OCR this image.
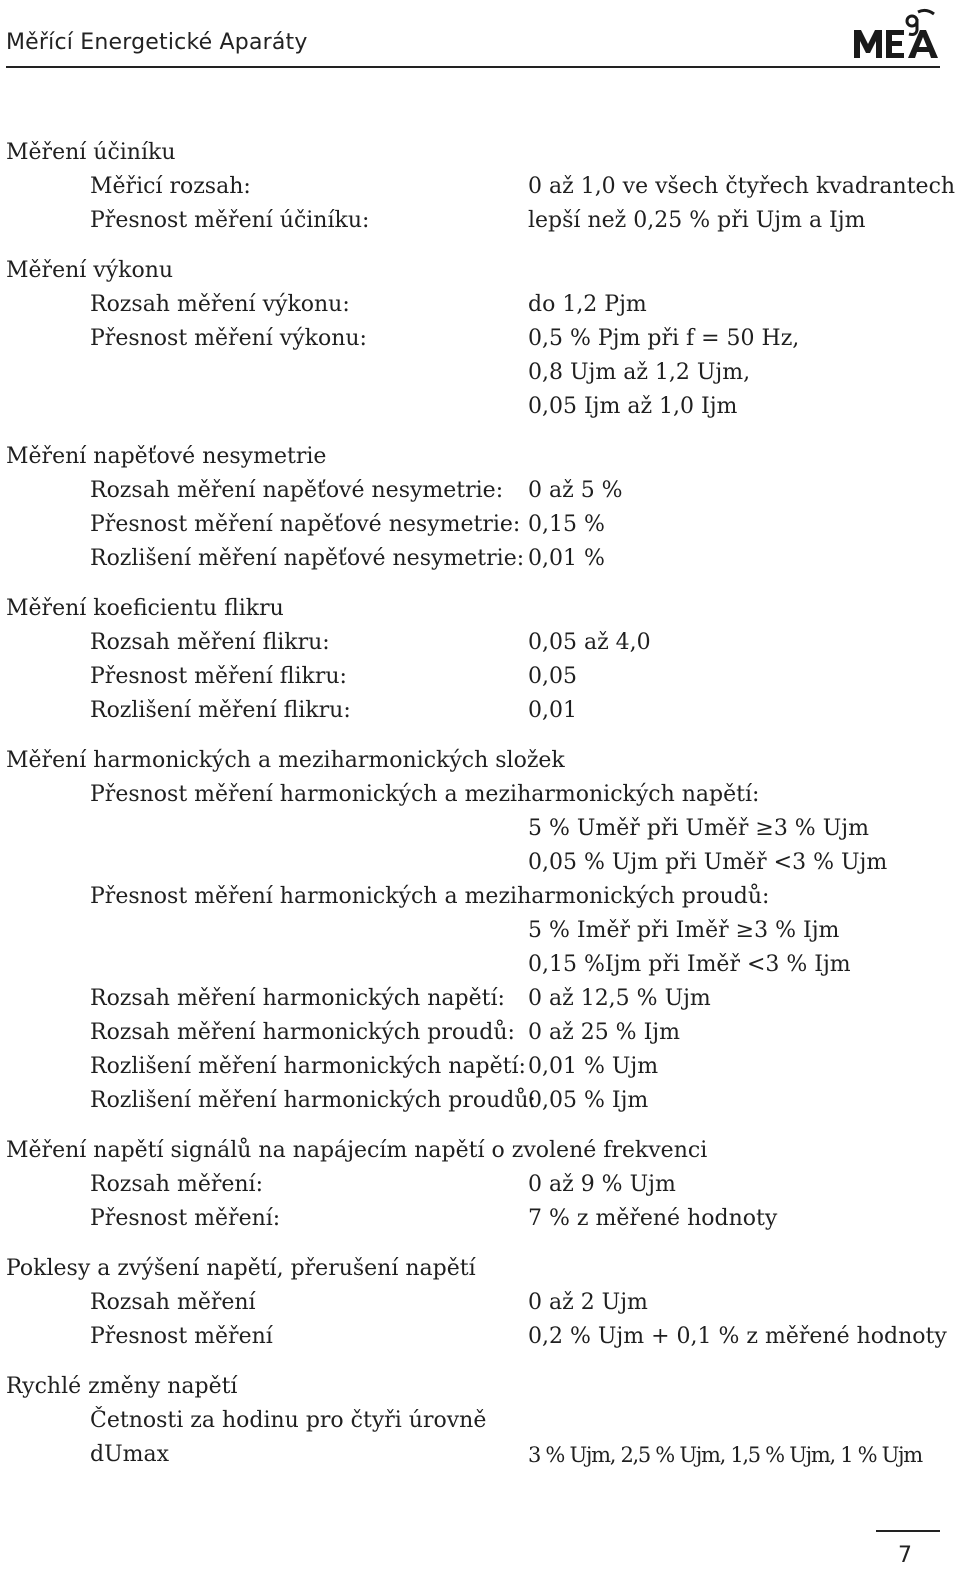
Měřící Energetické Aparáty
Měření účiníku
Měřicí rozsah:	0 až 1,0 ve všech čtyřech kvadrantech
Přesnost měření účiníku:	lepší než 0,25 % při Ujm a Ijm
Měření výkonu
Rozsah měření výkonu:	do 1,2 Pjm
Přesnost měření výkonu:	0,5 % Pjm při f = 50 Hz,
0,8 Ujm až 1,2 Ujm,
0,05 Ijm až 1,0 Ijm
Měření napěťové nesymetrie
Rozsah měření napěťové nesymetrie: 0 až 5 %
Přesnost měření napěťové nesymetrie: 0,15 %
Rozlišení měření napěťové nesymetrie: 0,01 %
Měření koeficientu flikru
Rozsah měření flikru:	0,05 až 4,0
Přesnost měření flikru:	0,05
Rozlišení měření flikru:	0,01
Měření harmonických a meziharmonických složek
Přesnost měření harmonických a meziharmonických napětí:
5 % Uměř při Uměř ≥3 % Ujm
0,05 % Ujm při Uměř <3 % Ujm
Přesnost měření harmonických a meziharmonických proudů:
5 % Iměř při Iměř ≥3 % Ijm
0,15 %Ijm při Iměř <3 % Ijm
Rozsah měření harmonických napětí: 0 až 12,5 % Ujm
Rozsah měření harmonických proudů: 0 až 25 % Ijm
Rozlišení měření harmonických napětí: 0,01 % Ujm
Rozlišení měření harmonických proudů:
0,05 % Ijm
Měření napětí signálů na napájecím napětí o zvolené frekvenci
Rozsah měření:	0 až 9 % Ujm
Přesnost měření:	7 % z měřené hodnoty
Poklesy a zvýšení napětí, přerušení napětí
Rozsah měření	0 až 2 Ujm
Přesnost měření	0,2 % Ujm + 0,1 % z měřené hodnoty
Rychlé změny napětí
Četnosti za hodinu pro čtyři úrovně
dUmax	3 % Ujm, 2,5 % Ujm, 1,5 % Ujm, 1 % Ujm
7
